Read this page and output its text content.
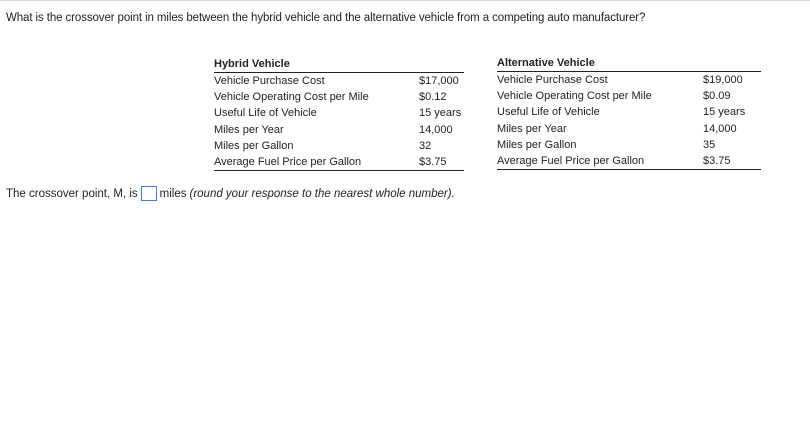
What is the crossover point in miles between the hybrid vehicle and the alternative vehicle from a competing auto manufacturer?
Hybrid Vehicle	
Vehicle Purchase Cost	$17,000
Vehicle Operating Cost per Mile	$0.12
Useful Life of Vehicle	15 years
Miles per Year	14,000
Miles per Gallon	32
Average Fuel Price per Gallon	$3.75
Alternative Vehicle	
Vehicle Purchase Cost	$19,000
Vehicle Operating Cost per Mile	$0.09
Useful Life of Vehicle	15 years
Miles per Year	14,000
Miles per Gallon	35
Average Fuel Price per Gallon	$3.75
The crossover point, M, is miles (round your response to the nearest whole number).
